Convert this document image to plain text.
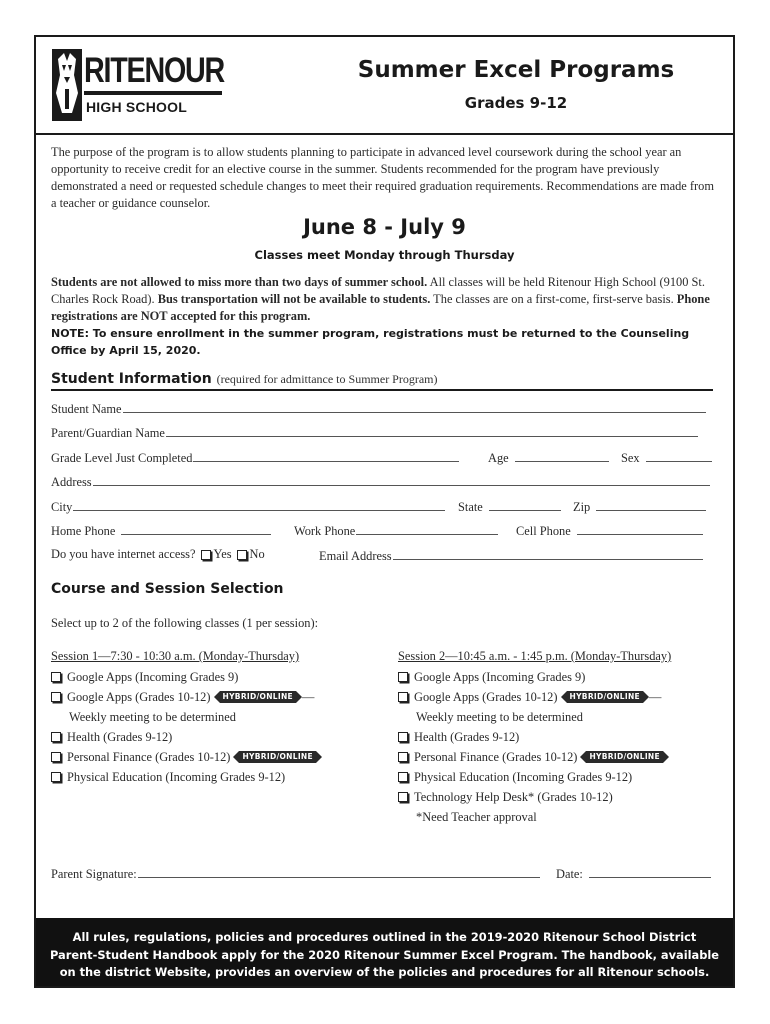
RITENOUR
HIGH SCHOOL
Summer Excel Programs
Grades 9-12
The purpose of the program is to allow students planning to participate in advanced level coursework during the school year an opportunity to receive credit for an elective course in the summer. Students recommended for the program have previously demonstrated a need or requested schedule changes to meet their required graduation requirements. Recommendations are made from a teacher or guidance counselor.
June 8 - July 9
Classes meet Monday through Thursday
Students are not allowed to miss more than two days of summer school. All classes will be held Ritenour High School (9100 St. Charles Rock Road). Bus transportation will not be available to students. The classes are on a first-come, first-serve basis. Phone registrations are NOT accepted for this program.
NOTE: To ensure enrollment in the summer program, registrations must be returned to the Counseling Office by April 15, 2020.
Student Information (required for admittance to Summer Program)
Student Name
Parent/Guardian Name
Grade Level Just Completed	Age	Sex
Address
City	State	Zip
Home Phone	Work Phone	Cell Phone
Do you have internet access? Yes No	Email Address
Course and Session Selection
Select up to 2 of the following classes (1 per session):
Session 1—7:30 - 10:30 a.m. (Monday-Thursday)
Google Apps (Incoming Grades 9)
Google Apps (Grades 10-12)	HYBRID/ONLINE —
Weekly meeting to be determined
Health (Grades 9-12)
Personal Finance (Grades 10-12)	HYBRID/ONLINE
Physical Education (Incoming Grades 9-12)
Session 2—10:45 a.m. - 1:45 p.m. (Monday-Thursday)
Google Apps (Incoming Grades 9)
Google Apps (Grades 10-12)	HYBRID/ONLINE —
Weekly meeting to be determined
Health (Grades 9-12)
Personal Finance (Grades 10-12)	HYBRID/ONLINE
Physical Education (Incoming Grades 9-12)
Technology Help Desk* (Grades 10-12)
*Need Teacher approval
Parent Signature:	Date:
All rules, regulations, policies and procedures outlined in the 2019-2020 Ritenour School District
Parent-Student Handbook apply for the 2020 Ritenour Summer Excel Program. The handbook, available
on the district Website, provides an overview of the policies and procedures for all Ritenour schools.
